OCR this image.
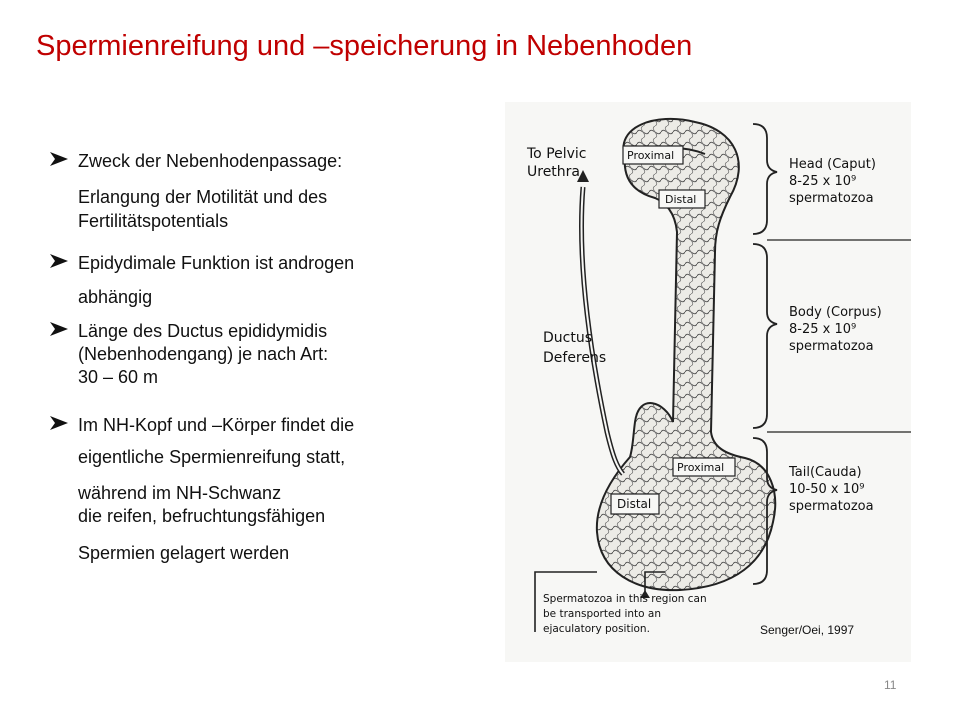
Spermienreifung und –speicherung in Nebenhoden
Zweck der Nebenhodenpassage:
Erlangung der Motilität und des
Fertilitätspotentials
Epidydimale Funktion ist androgen
abhängig
Länge des Ductus epididymidis
(Nebenhodengang) je nach Art:
30 – 60 m
Im NH-Kopf und –Körper findet die
eigentliche Spermienreifung statt,
während im NH-Schwanz
die reifen, befruchtungsfähigen
Spermien gelagert werden
Proximal
Distal
Proximal
Distal
To Pelvic
Urethra
Ductus
Deferens
Head (Caput)
8-25 x 10⁹
spermatozoa
Body (Corpus)
8-25 x 10⁹
spermatozoa
Tail(Cauda)
10-50 x 10⁹
spermatozoa
Spermatozoa in this region can
be transported into an
ejaculatory position.	Senger/Oei, 1997
11
